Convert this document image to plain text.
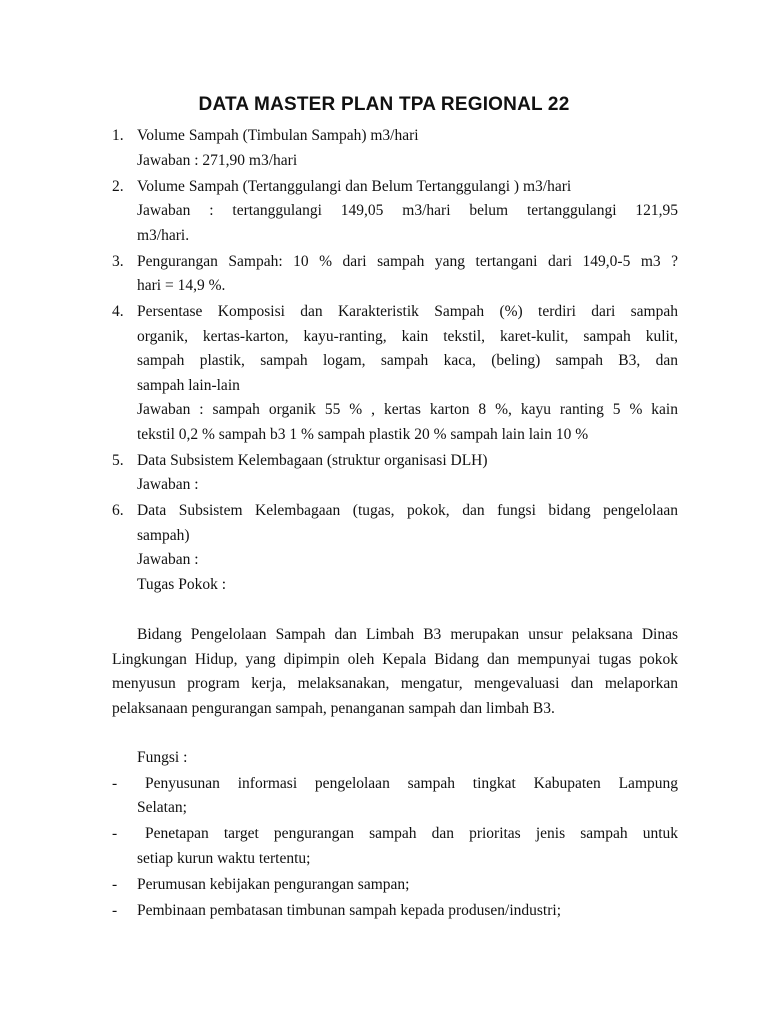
DATA MASTER PLAN TPA REGIONAL 22
1. Volume Sampah (Timbulan Sampah) m3/hari
Jawaban : 271,90 m3/hari
2. Volume Sampah (Tertanggulangi dan Belum Tertanggulangi ) m3/hari
Jawaban : tertanggulangi 149,05 m3/hari belum tertanggulangi 121,95
m3/hari.
3. Pengurangan Sampah: 10 % dari sampah yang tertangani dari 149,0-5 m3 ?
hari = 14,9 %.
4. Persentase Komposisi dan Karakteristik Sampah (%) terdiri dari sampah
organik, kertas-karton, kayu-ranting, kain tekstil, karet-kulit, sampah kulit,
sampah plastik, sampah logam, sampah kaca, (beling) sampah B3, dan
sampah lain-lain
Jawaban : sampah organik 55 % , kertas karton 8 %, kayu ranting 5 % kain
tekstil 0,2 % sampah b3 1 % sampah plastik 20 % sampah lain lain 10 %
5. Data Subsistem Kelembagaan (struktur organisasi DLH)
Jawaban :
6. Data Subsistem Kelembagaan (tugas, pokok, dan fungsi bidang pengelolaan
sampah)
Jawaban :
Tugas Pokok :

Bidang Pengelolaan Sampah dan Limbah B3 merupakan unsur pelaksana Dinas Lingkungan Hidup, yang dipimpin oleh Kepala Bidang dan mempunyai tugas pokok menyusun program kerja, melaksanakan, mengatur, mengevaluasi dan melaporkan pelaksanaan pengurangan sampah, penanganan sampah dan limbah B3.

Fungsi :
-	Penyusunan informasi pengelolaan sampah tingkat Kabupaten Lampung
Selatan;
-	Penetapan target pengurangan sampah dan prioritas jenis sampah untuk
setiap kurun waktu tertentu;
- Perumusan kebijakan pengurangan sampan;
- Pembinaan pembatasan timbunan sampah kepada produsen/industri;
